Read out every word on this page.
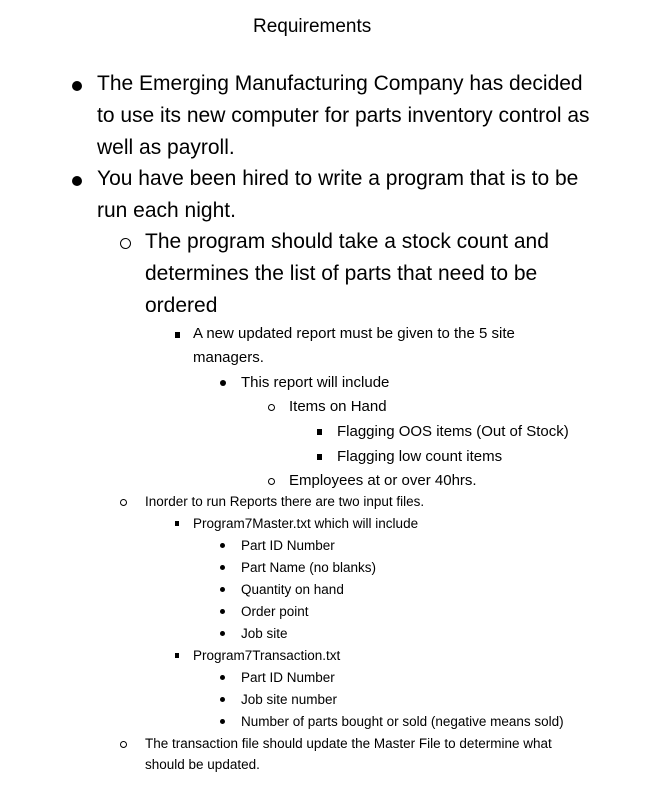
Requirements
The Emerging Manufacturing Company has decided
to use its new computer for parts inventory control as
well as payroll.
You have been hired to write a program that is to be
run each night.
The program should take a stock count and
determines the list of parts that need to be
ordered
A new updated report must be given to the 5 site
managers.
This report will include
Items on Hand
Flagging OOS items (Out of Stock)
Flagging low count items
Employees at or over 40hrs.
Inorder to run Reports there are two input files.
Program7Master.txt which will include
Part ID Number
Part Name (no blanks)
Quantity on hand
Order point
Job site
Program7Transaction.txt
Part ID Number
Job site number
Number of parts bought or sold (negative means sold)
The transaction file should update the Master File to determine what
should be updated.
